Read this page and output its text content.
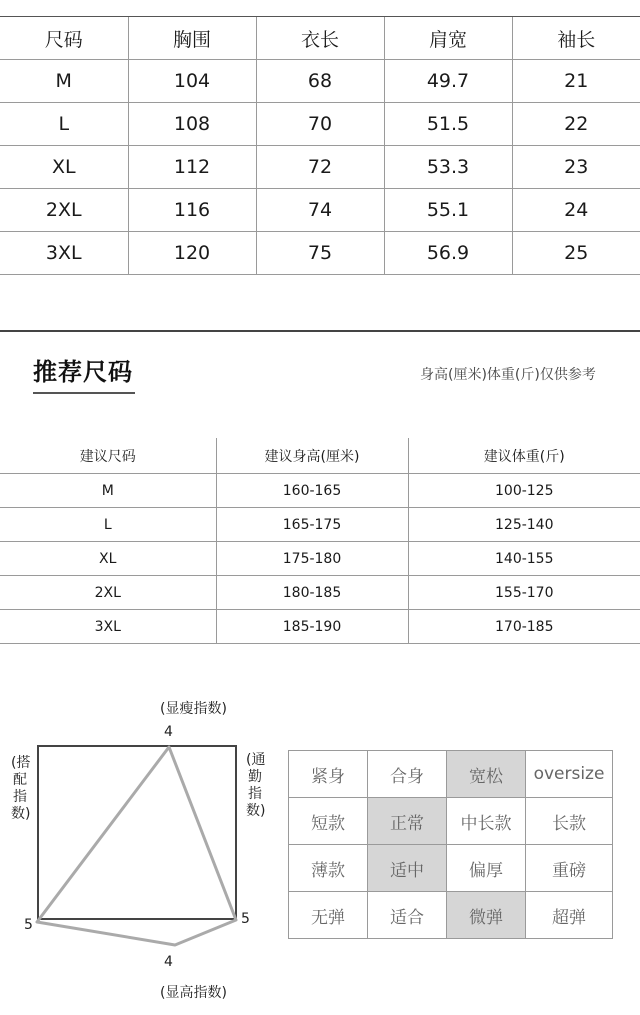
尺码	胸围	衣长	肩宽	袖长
M	104	68	49.7	21
L	108	70	51.5	22
XL	112	72	53.3	23
2XL	116	74	55.1	24
3XL	120	75	56.9	25
推荐尺码	身高(厘米)体重(斤)仅供参考
建议尺码	建议身高(厘米)	建议体重(斤)
M	160-165	100-125
L	165-175	125-140
XL	175-180	140-155
2XL	180-185	155-170
3XL	185-190	170-185
(显瘦指数)
4
4
(显高指数)
5	5
(搭配指数)
(通勤指数)
紧身	合身	宽松	oversize
短款	正常	中长款	长款
薄款	适中	偏厚	重磅
无弹	适合	微弹	超弹
